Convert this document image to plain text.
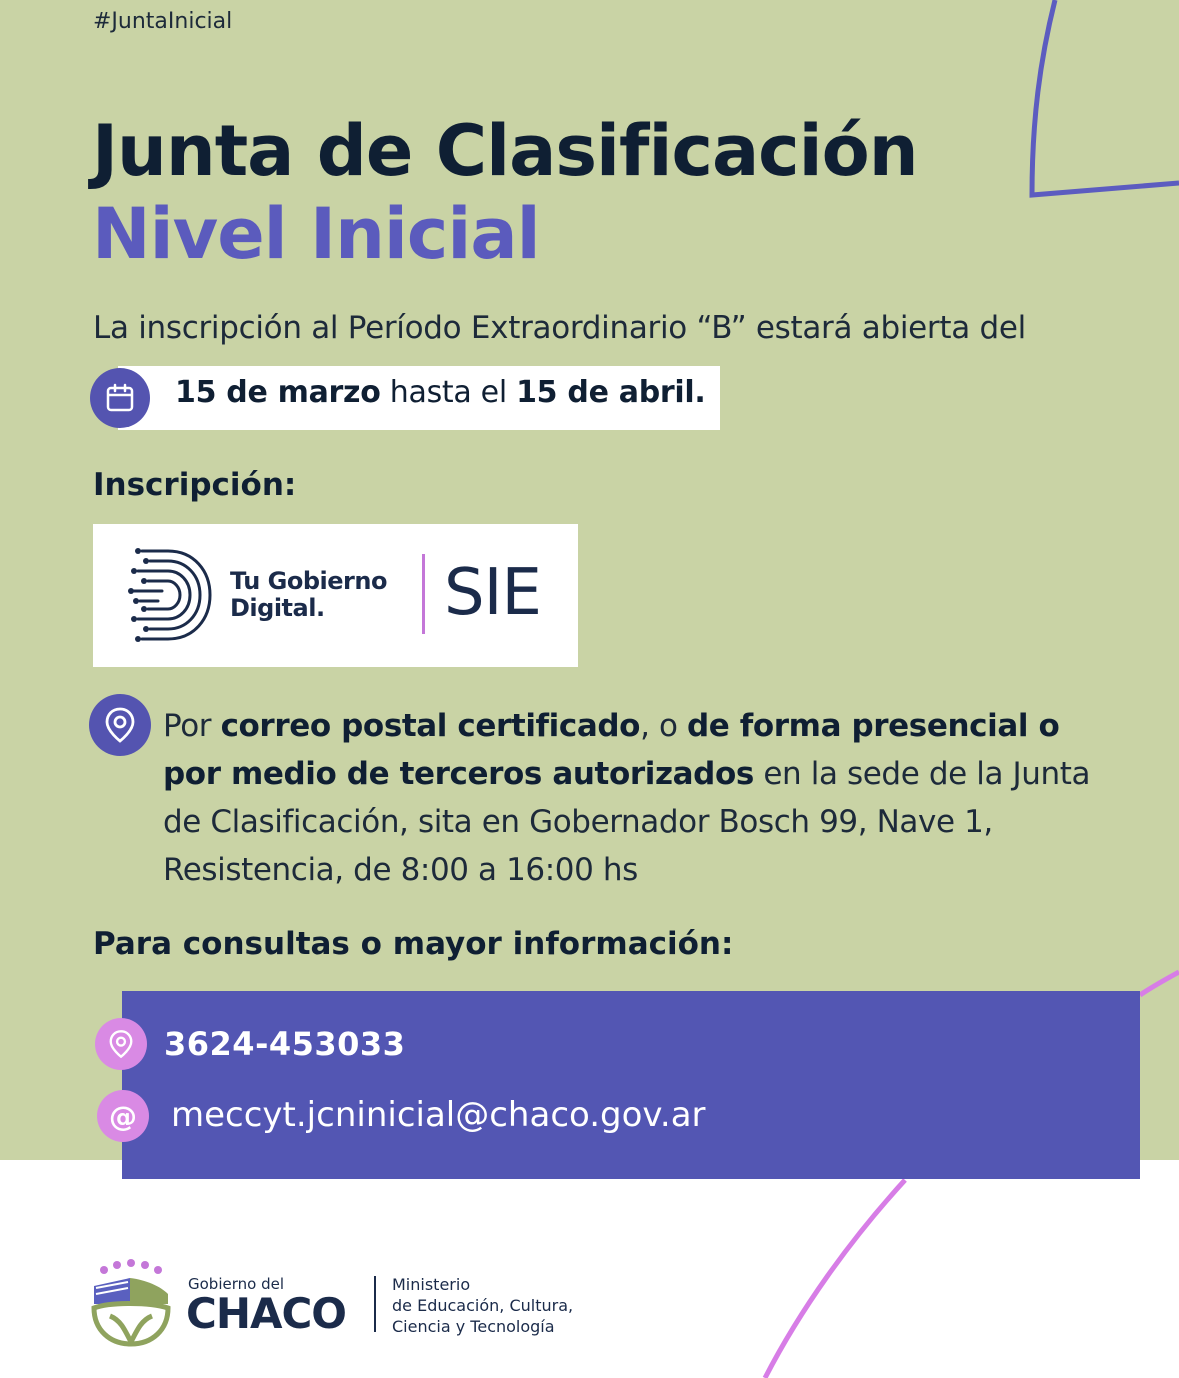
#JuntaInicial
Junta de Clasificación
Nivel Inicial
La inscripción al Período Extraordinario “B” estará abierta del
15 de marzo hasta el 15 de abril.
Inscripción:
Tu Gobierno
Digital.	SIE
Por correo postal certificado, o de forma presencial o por medio de terceros autorizados en la sede de la Junta de Clasificación, sita en Gobernador Bosch 99, Nave 1, Resistencia, de 8:00 a 16:00 hs
Para consultas o mayor información:
3624-453033
@	meccyt.jcninicial@chaco.gov.ar
Gobierno del
CHACO
Ministerio
de Educación, Cultura,
Ciencia y Tecnología
